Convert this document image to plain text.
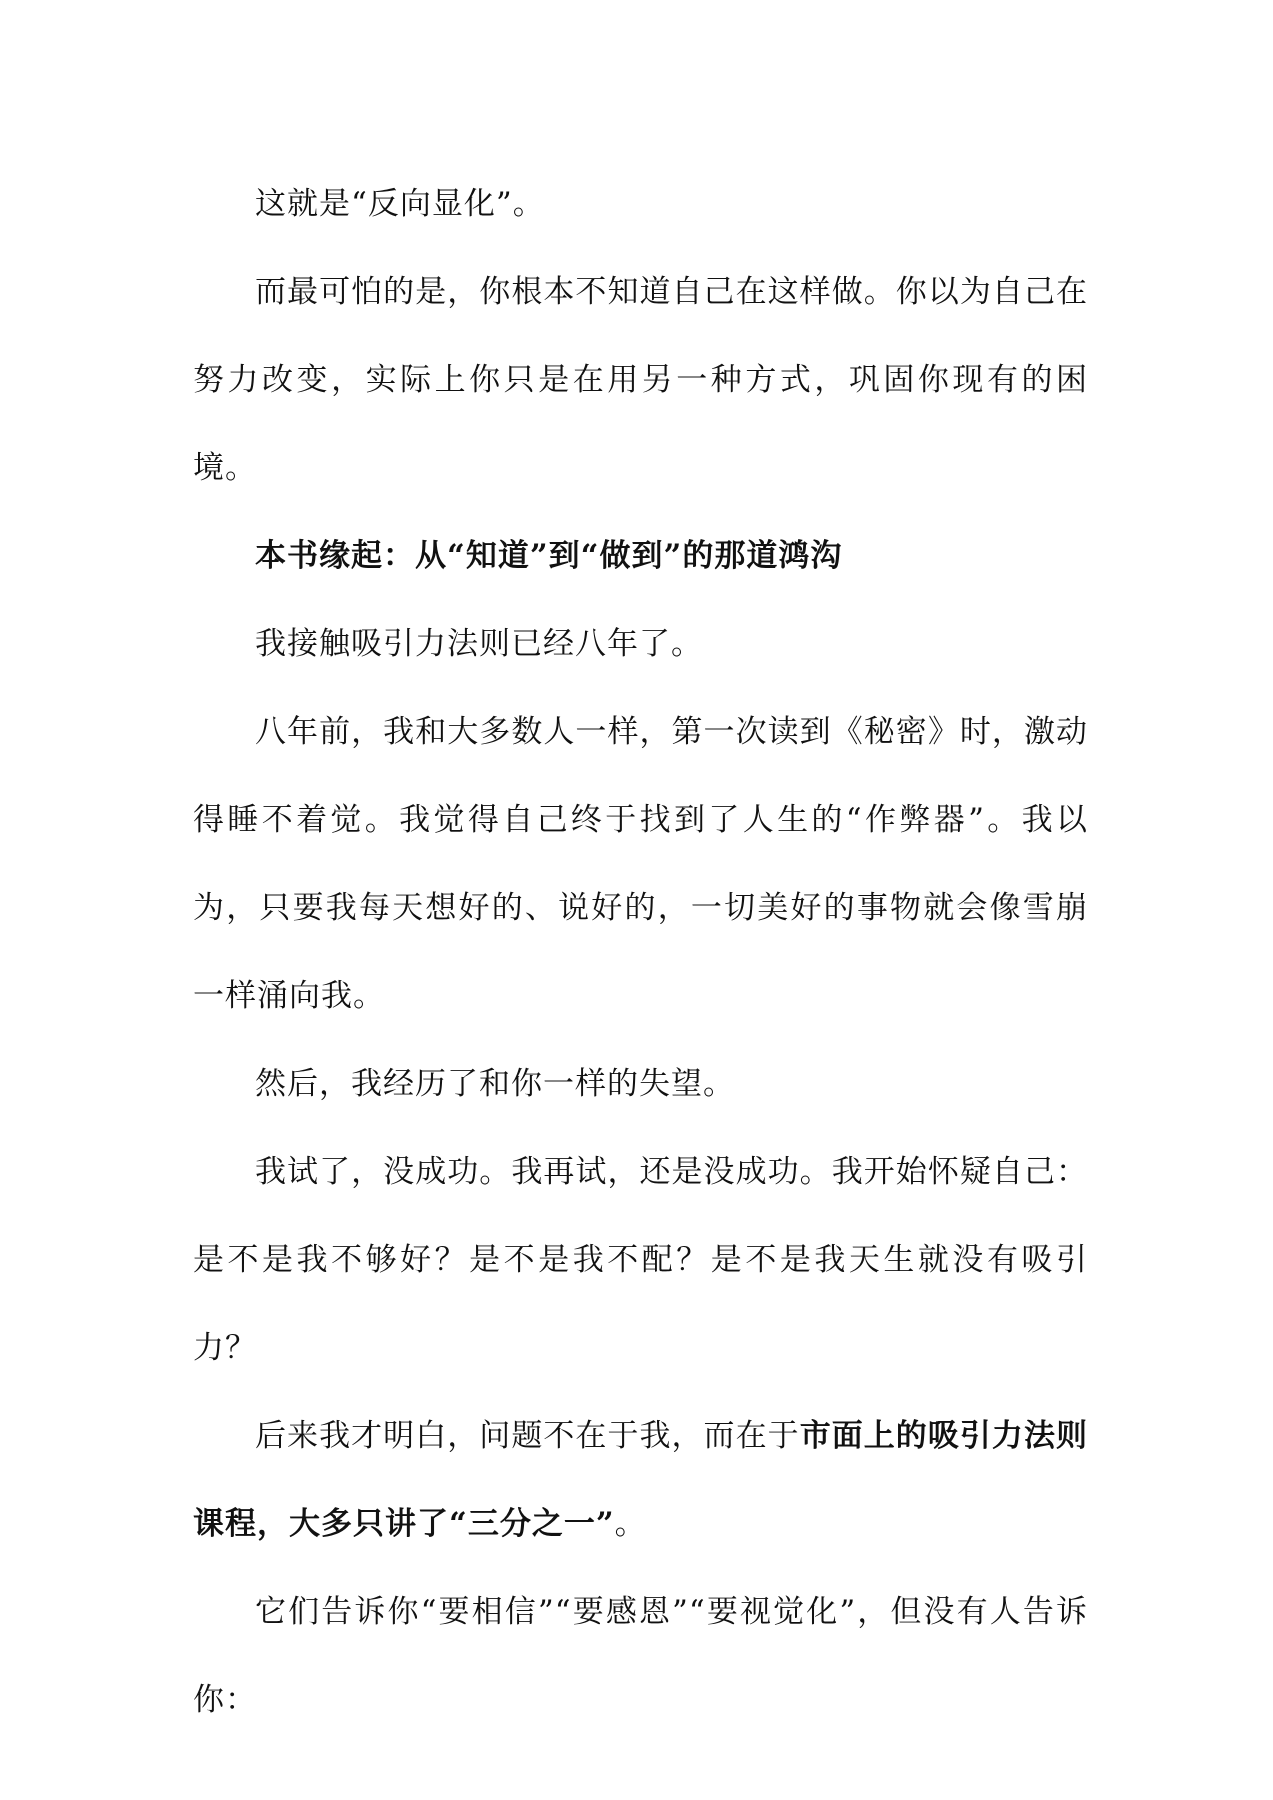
这就是“反向显化”。

而最可怕的是，你根本不知道自己在这样做。你以为自己在努力改变，实际上你只是在用另一种方式，巩固你现有的困境。

本书缘起：从“知道”到“做到”的那道鸿沟

我接触吸引力法则已经八年了。

八年前，我和大多数人一样，第一次读到《秘密》时，激动得睡不着觉。我觉得自己终于找到了人生的“作弊器”。我以为，只要我每天想好的、说好的，一切美好的事物就会像雪崩一样涌向我。

然后，我经历了和你一样的失望。

我试了，没成功。我再试，还是没成功。我开始怀疑自己：是不是我不够好？是不是我不配？是不是我天生就没有吸引力？

后来我才明白，问题不在于我，而在于市面上的吸引力法则课程，大多只讲了“三分之一”。

它们告诉你“要相信”“要感恩”“要视觉化”，但没有人告诉你：
